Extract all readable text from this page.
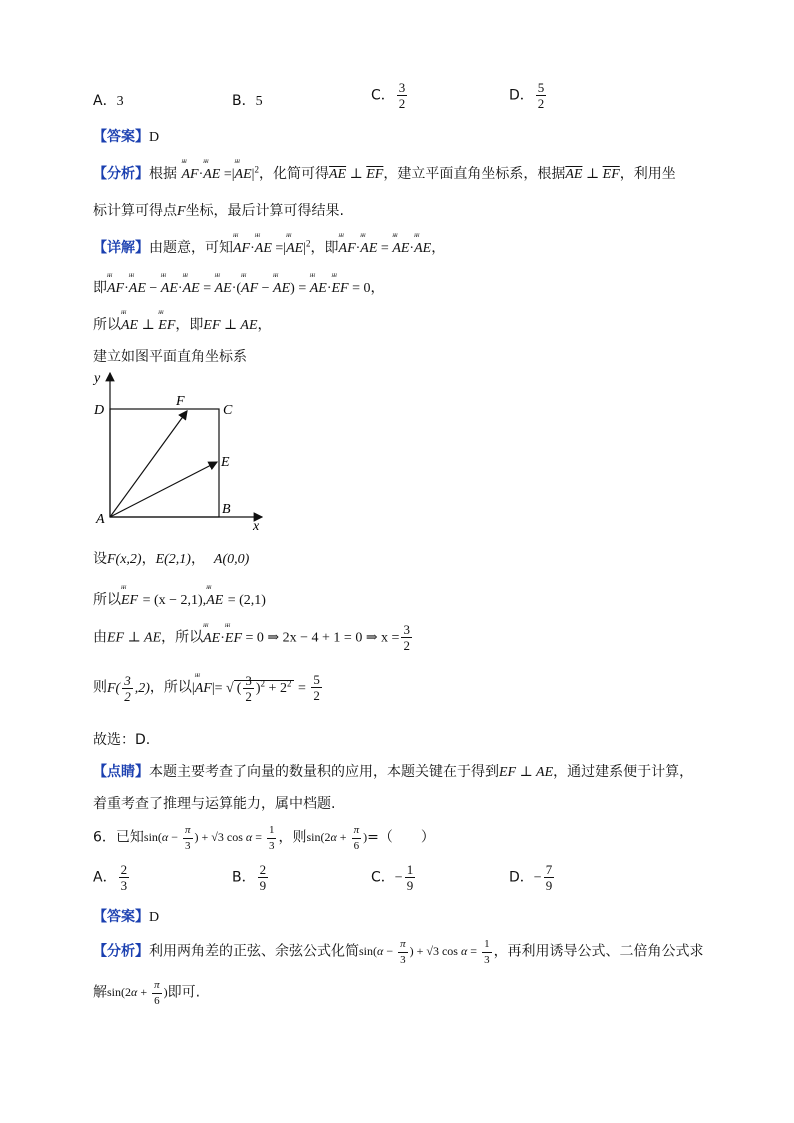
A．3	B．5	C． $\frac{3}{2}$	D． $\frac{5}{2}$
【答案】D
【分析】根据 ᴴᴴ AF·ᴴᴴ AE =|ᴴᴴ $AE|^2$，化简可得$\overline{AE}$ ⊥ $\overline{EF}$，建立平面直角坐标系，根据$\overline{AE}$ ⊥ $\overline{EF}$，利用坐
标计算可得点F坐标，最后计算可得结果.
【详解】由题意，可知ᴴᴴ AF·ᴴᴴ AE =|ᴴᴴ $AE|^2$，即ᴴᴴ AF·ᴴᴴ AE = ᴴᴴ AE·ᴴᴴ AE，
即ᴴᴴ AF·ᴴᴴ AE − ᴴᴴ AE·ᴴᴴ AE = ᴴᴴ AE·(ᴴᴴ AF − ᴴᴴ AE) = ᴴᴴ AE·ᴴᴴ EF = 0，
所以ᴴᴴ AE ⊥ ᴴᴴ EF，即EF ⊥ AE，
建立如图平面直角坐标系
y
x
D	C
F
E
A
B
设F(x,2)，E(2,1)， A(0,0)
所以ᴴᴴ EF = (x − 2,1),ᴴᴴ AE = (2,1)
由EF ⊥ AE，所以ᴴᴴ AE·ᴴᴴ EF = 0 ⇒ 2x − 4 + 1 = 0 ⇒ $x = \frac{3}{2}$
则$F( \frac{3}{2} ,2)$，所以|ᴴᴴ AF|= √ ( $\frac{3}{2} )^2 + 2^2 = \frac{5}{2}$
故选：D.
【点睛】本题主要考查了向量的数量积的应用，本题关键在于得到EF ⊥ AE，通过建系便于计算，
着重考查了推理与运算能力，属中档题.
6．已知$\sin(\alpha - \frac{\pi}{3}$ ) + √3 $\cos \alpha = \frac{1}{3}$ ，则$\sin(2\alpha + \frac{\pi}{6}$ )=（　　）
A． $\frac{2}{3}$	B． $\frac{2}{9}$	C．− $\frac{1}{9}$	D．− $\frac{7}{9}$
【答案】D
【分析】利用两角差的正弦、余弦公式化简$\sin(\alpha - \frac{\pi}{3}$ ) + √3 $\cos \alpha = \frac{1}{3}$ ，再利用诱导公式、二倍角公式求
解$\sin(2\alpha + \frac{\pi}{6}$ )即可.
